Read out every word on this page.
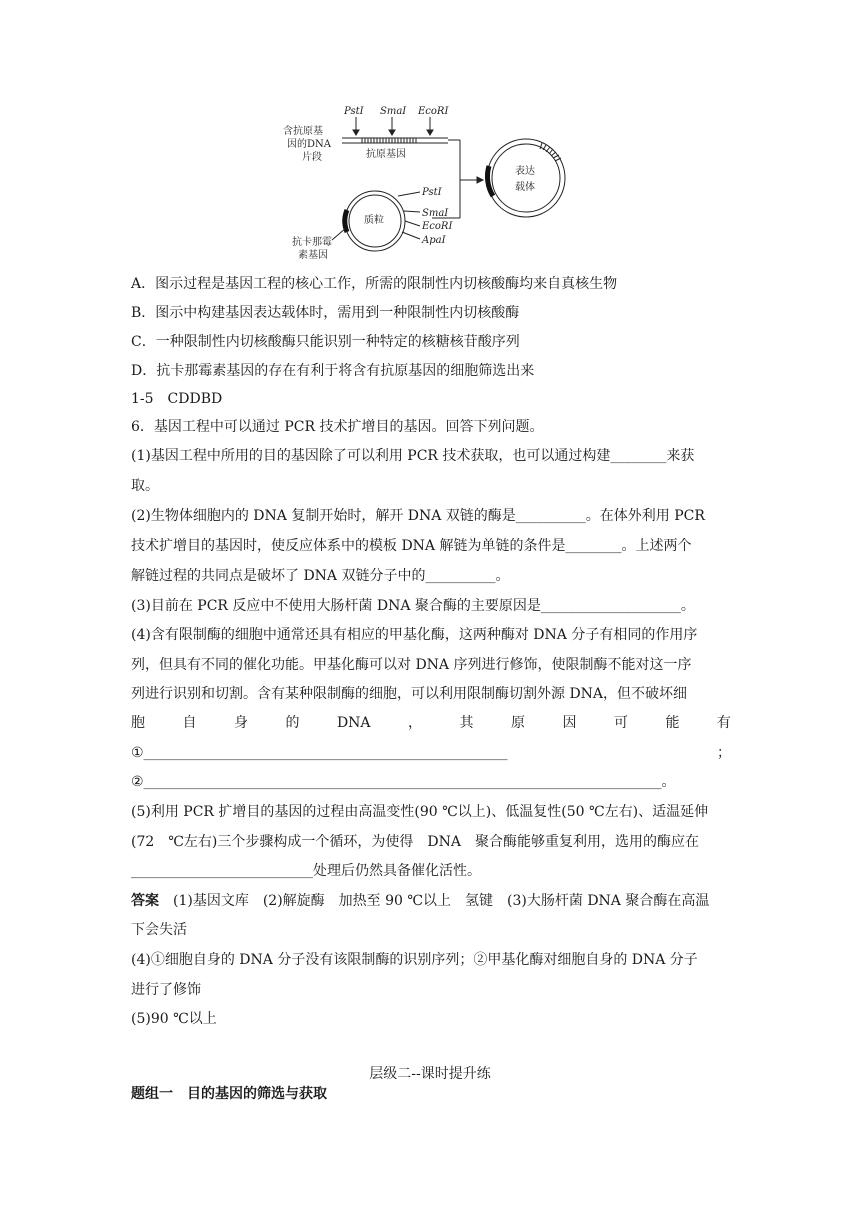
PstⅠ SmaⅠ EcoRⅠ
含抗原基
因的DNA
片段	抗原基因
质粒
PstⅠ
SmaⅠ
EcoRⅠ
ApaⅠ
抗卡那霉
素基因
表达
载体
A．图示过程是基因工程的核心工作，所需的限制性内切核酸酶均来自真核生物
B．图示中构建基因表达载体时，需用到一种限制性内切核酸酶
C．一种限制性内切核酸酶只能识别一种特定的核糖核苷酸序列
D．抗卡那霉素基因的存在有利于将含有抗原基因的细胞筛选出来
1-5　CDDBD
6．基因工程中可以通过 PCR 技术扩增目的基因。回答下列问题。
(1)基因工程中所用的目的基因除了可以利用 PCR 技术获取，也可以通过构建________来获
取。
(2)生物体细胞内的 DNA 复制开始时，解开 DNA 双链的酶是__________。在体外利用 PCR
技术扩增目的基因时，使反应体系中的模板 DNA 解链为单链的条件是________。上述两个
解链过程的共同点是破坏了 DNA 双链分子中的__________。
(3)目前在 PCR 反应中不使用大肠杆菌 DNA 聚合酶的主要原因是____________________。
(4)含有限制酶的细胞中通常还具有相应的甲基化酶，这两种酶对 DNA 分子有相同的作用序
列，但具有不同的催化功能。甲基化酶可以对 DNA 序列进行修饰，使限制酶不能对这一序
列进行识别和切割。含有某种限制酶的细胞，可以利用限制酶切割外源 DNA，但不破坏细
胞	自	身	的	DNA	，	其	原	因	可	能	有
①____________________________________________________	；
②__________________________________________________________________________。
(5)利用 PCR 扩增目的基因的过程由高温变性(90 ℃以上)、低温复性(50 ℃左右)、适温延伸
(72　℃左右)三个步骤构成一个循环，为使得　DNA　聚合酶能够重复利用，选用的酶应在
__________________________处理后仍然具备催化活性。
答案　(1)基因文库　(2)解旋酶　加热至 90 ℃以上　氢键　(3)大肠杆菌 DNA 聚合酶在高温
下会失活
(4)①细胞自身的 DNA 分子没有该限制酶的识别序列；②甲基化酶对细胞自身的 DNA 分子
进行了修饰
(5)90 ℃以上
层级二--课时提升练
题组一　目的基因的筛选与获取
